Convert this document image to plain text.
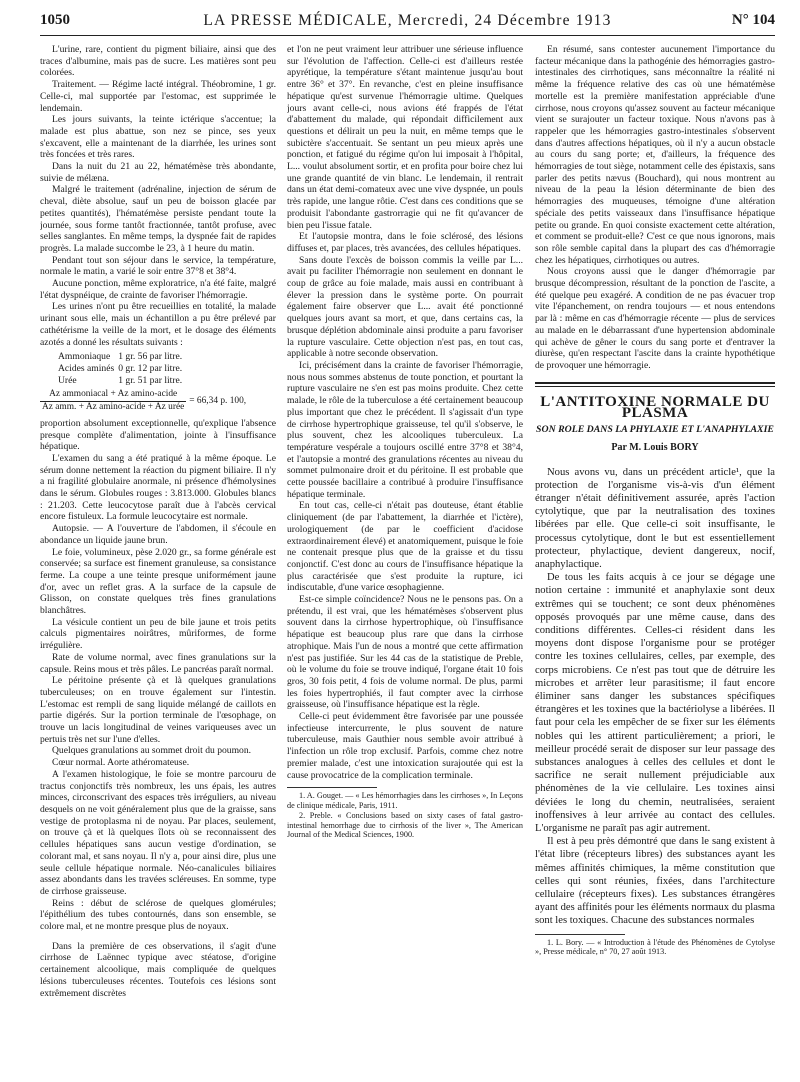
1050	LA PRESSE MÉDICALE, Mercredi, 24 Décembre 1913	N° 104

L'urine, rare, contient du pigment biliaire, ainsi que des traces d'albumine, mais pas de sucre. Les matières sont peu colorées.

Traitement. — Régime lacté intégral. Théobromine, 1 gr. Celle-ci, mal supportée par l'estomac, est supprimée le lendemain.

Les jours suivants, la teinte ictérique s'accentue; la malade est plus abattue, son nez se pince, ses yeux s'excavent, elle a maintenant de la diarrhée, les urines sont très foncées et très rares.

Dans la nuit du 21 au 22, hématémèse très abondante, suivie de mélæna.

Malgré le traitement (adrénaline, injection de sérum de cheval, diète absolue, sauf un peu de boisson glacée par petites quantités), l'hématémèse persiste pendant toute la journée, sous forme tantôt fractionnée, tantôt profuse, avec selles sanglantes. En même temps, la dyspnée fait de rapides progrès. La malade succombe le 23, à 1 heure du matin.

Pendant tout son séjour dans le service, la température, normale le matin, a varié le soir entre 37°8 et 38°4.

Aucune ponction, même exploratrice, n'a été faite, malgré l'état dyspnéique, de crainte de favoriser l'hémorragie.

Les urines n'ont pu être recueillies en totalité, la malade urinant sous elle, mais un échantillon a pu être prélevé par cathétérisme la veille de la mort, et le dosage des éléments azotés a donné les résultats suivants :

Ammoniaque	1 gr. 56 par litre.
Acides aminés	0 gr. 12 par litre.
Urée	1 gr. 51 par litre.
$\frac{\text{Az ammoniacal + Az amino-acide}}{\text{Az amm. + Az amino-acide + Az urée}} = 66,34$ p. 100,

proportion absolument exceptionnelle, qu'explique l'absence presque complète d'alimentation, jointe à l'insuffisance hépatique.

L'examen du sang a été pratiqué à la même époque. Le sérum donne nettement la réaction du pigment biliaire. Il n'y a ni fragilité globulaire anormale, ni présence d'hémolysines dans le sérum. Globules rouges : 3.813.000. Globules blancs : 21.203. Cette leucocytose paraît due à l'abcès cervical encore fistuleux. La formule leucocytaire est normale.

Autopsie. — A l'ouverture de l'abdomen, il s'écoule en abondance un liquide jaune brun.

Le foie, volumineux, pèse 2.020 gr., sa forme générale est conservée; sa surface est finement granuleuse, sa consistance ferme. La coupe a une teinte presque uniformément jaune d'or, avec un reflet gras. A la surface de la capsule de Glisson, on constate quelques très fines granulations blanchâtres.

La vésicule contient un peu de bile jaune et trois petits calculs pigmentaires noirâtres, mûriformes, de forme irrégulière.

Rate de volume normal, avec fines granulations sur la capsule. Reins mous et très pâles. Le pancréas paraît normal.

Le péritoine présente çà et là quelques granulations tuberculeuses; on en trouve également sur l'intestin. L'estomac est rempli de sang liquide mélangé de caillots en partie digérés. Sur la portion terminale de l'œsophage, on trouve un lacis longitudinal de veines variqueuses avec un pertuis très net sur l'une d'elles.

Quelques granulations au sommet droit du poumon.

Cœur normal. Aorte athéromateuse.

A l'examen histologique, le foie se montre parcouru de tractus conjonctifs très nombreux, les uns épais, les autres minces, circonscrivant des espaces très irréguliers, au niveau desquels on ne voit généralement plus que de la graisse, sans vestige de protoplasma ni de noyau. Par places, seulement, on trouve çà et là quelques îlots où se reconnaissent des cellules hépatiques sans aucun vestige d'ordination, se colorant mal, et sans noyau. Il n'y a, pour ainsi dire, plus une seule cellule hépatique normale. Néo-canalicules biliaires assez abondants dans les travées scléreuses. En somme, type de cirrhose graisseuse.

Reins : début de sclérose de quelques glomérules; l'épithélium des tubes contournés, dans son ensemble, se colore mal, et ne montre presque plus de noyaux.

Dans la première de ces observations, il s'agit d'une cirrhose de Laënnec typique avec stéatose, d'origine certainement alcoolique, mais compliquée de quelques lésions tuberculeuses récentes. Toutefois ces lésions sont extrêmement discrètes

et l'on ne peut vraiment leur attribuer une sérieuse influence sur l'évolution de l'affection. Celle-ci est d'ailleurs restée apyrétique, la température s'étant maintenue jusqu'au bout entre 36° et 37°. En revanche, c'est en pleine insuffisance hépatique qu'est survenue l'hémorragie ultime. Quelques jours avant celle-ci, nous avions été frappés de l'état d'abattement du malade, qui répondait difficilement aux questions et délirait un peu la nuit, en même temps que le subictère s'accentuait. Se sentant un peu mieux après une ponction, et fatigué du régime qu'on lui imposait à l'hôpital, L... voulut absolument sortir, et en profita pour boire chez lui une grande quantité de vin blanc. Le lendemain, il rentrait dans un état demi-comateux avec une vive dyspnée, un pouls très rapide, une langue rôtie. C'est dans ces conditions que se produisit l'abondante gastrorragie qui ne fit qu'avancer de bien peu l'issue fatale.

Et l'autopsie montra, dans le foie sclérosé, des lésions diffuses et, par places, très avancées, des cellules hépatiques.

Sans doute l'excès de boisson commis la veille par L... avait pu faciliter l'hémorragie non seulement en donnant le coup de grâce au foie malade, mais aussi en contribuant à élever la pression dans le système porte. On pourrait également faire observer que L... avait été ponctionné quelques jours avant sa mort, et que, dans certains cas, la brusque déplétion abdominale ainsi produite a paru favoriser la rupture vasculaire. Cette objection n'est pas, en tout cas, applicable à notre seconde observation.

Ici, précisément dans la crainte de favoriser l'hémorragie, nous nous sommes abstenus de toute ponction, et pourtant la rupture vasculaire ne s'en est pas moins produite. Chez cette malade, le rôle de la tuberculose a été certainement beaucoup plus important que chez le précédent. Il s'agissait d'un type de cirrhose hypertrophique graisseuse, tel qu'il s'observe, le plus souvent, chez les alcooliques tuberculeux. La température vespérale a toujours oscillé entre 37°8 et 38°4, et l'autopsie a montré des granulations récentes au niveau du sommet pulmonaire droit et du péritoine. Il est probable que cette poussée bacillaire a contribué à produire l'insuffisance hépatique terminale.

En tout cas, celle-ci n'était pas douteuse, étant établie cliniquement (de par l'abattement, la diarrhée et l'ictère), urologiquement (de par le coefficient d'acidose extraordinairement élevé) et anatomiquement, puisque le foie ne contenait presque plus que de la graisse et du tissu conjonctif. C'est donc au cours de l'insuffisance hépatique la plus caractérisée que s'est produite la rupture, ici indiscutable, d'une varice œsophagienne.

Est-ce simple coïncidence? Nous ne le pensons pas. On a prétendu, il est vrai, que les hématémèses s'observent plus souvent dans la cirrhose hypertrophique, où l'insuffisance hépatique est beaucoup plus rare que dans la cirrhose atrophique. Mais l'un de nous a montré que cette affirmation n'est pas justifiée. Sur les 44 cas de la statistique de Preble, où le volume du foie se trouve indiqué, l'organe était 10 fois gros, 30 fois petit, 4 fois de volume normal. De plus, parmi les foies hypertrophiés, il faut compter avec la cirrhose graisseuse, où l'insuffisance hépatique est la règle.

Celle-ci peut évidemment être favorisée par une poussée infectieuse intercurrente, le plus souvent de nature tuberculeuse, mais Gauthier nous semble avoir attribué à l'infection un rôle trop exclusif. Parfois, comme chez notre premier malade, c'est une intoxication surajoutée qui est la cause provocatrice de la complication terminale.

1. A. Gouget. — « Les hémorrhagies dans les cirrhoses », In Leçons de clinique médicale, Paris, 1911.

2. Preble. « Conclusions based on sixty cases of fatal gastro-intestinal hemorrhage due to cirrhosis of the liver », The American Journal of the Medical Sciences, 1900.

En résumé, sans contester aucunement l'importance du facteur mécanique dans la pathogénie des hémorragies gastro-intestinales des cirrhotiques, sans méconnaître la réalité ni même la fréquence relative des cas où une hématémèse mortelle est la première manifestation appréciable d'une cirrhose, nous croyons qu'assez souvent au facteur mécanique vient se surajouter un facteur toxique. Nous n'avons pas à rappeler que les hémorragies gastro-intestinales s'observent dans d'autres affections hépatiques, où il n'y a aucun obstacle au cours du sang porte; et, d'ailleurs, la fréquence des hémorragies de tout siège, notamment celle des épistaxis, sans parler des petits nævus (Bouchard), qui nous montrent au niveau de la peau la lésion déterminante de bien des hémorragies des muqueuses, témoigne d'une altération spéciale des petits vaisseaux dans l'insuffisance hépatique petite ou grande. En quoi consiste exactement cette altération, et comment se produit-elle? C'est ce que nous ignorons, mais son rôle semble capital dans la plupart des cas d'hémorragie chez les hépatiques, cirrhotiques ou autres.

Nous croyons aussi que le danger d'hémorragie par brusque décompression, résultant de la ponction de l'ascite, a été quelque peu exagéré. A condition de ne pas évacuer trop vite l'épanchement, on rendra toujours — et nous entendons par là : même en cas d'hémorragie récente — plus de services au malade en le débarrassant d'une hypertension abdominale qui achève de gêner le cours du sang porte et d'entraver la diurèse, qu'en respectant l'ascite dans la crainte hypothétique de provoquer une hémorragie.

L'ANTITOXINE NORMALE DU PLASMA
SON ROLE DANS LA PHYLAXIE ET L'ANAPHYLAXIE
Par M. Louis BORY

Nous avons vu, dans un précédent article¹, que la protection de l'organisme vis-à-vis d'un élément étranger n'était définitivement assurée, après l'action cytolytique, que par la neutralisation des toxines libérées par elle. Que celle-ci soit insuffisante, le processus cytolytique, dont le but est essentiellement protecteur, phylactique, devient dangereux, nocif, anaphylactique.

De tous les faits acquis à ce jour se dégage une notion certaine : immunité et anaphylaxie sont deux extrêmes qui se touchent; ce sont deux phénomènes opposés provoqués par une même cause, dans des conditions différentes. Celles-ci résident dans les moyens dont dispose l'organisme pour se protéger contre les toxines cellulaires, celles, par exemple, des corps microbiens. Ce n'est pas tout que de détruire les microbes et arrêter leur parasitisme; il faut encore éliminer sans danger les substances spécifiques étrangères et les toxines que la bactériolyse a libérées. Il faut pour cela les empêcher de se fixer sur les éléments nobles qui les attirent particulièrement; a priori, le meilleur procédé serait de disposer sur leur passage des substances analogues à celles des cellules et dont le sacrifice ne serait nullement préjudiciable aux phénomènes de la vie cellulaire. Les toxines ainsi déviées le long du chemin, neutralisées, seraient inoffensives à leur arrivée au contact des cellules. L'organisme ne paraît pas agir autrement.

Il est à peu près démontré que dans le sang existent à l'état libre (récepteurs libres) des substances ayant les mêmes affinités chimiques, la même constitution que celles qui sont réunies, fixées, dans l'architecture cellulaire (récepteurs fixes). Les substances étrangères ayant des affinités pour les éléments normaux du plasma sont les toxiques. Chacune des substances normales

1. L. Bory. — « Introduction à l'étude des Phénomènes de Cytolyse », Presse médicale, n° 70, 27 août 1913.
